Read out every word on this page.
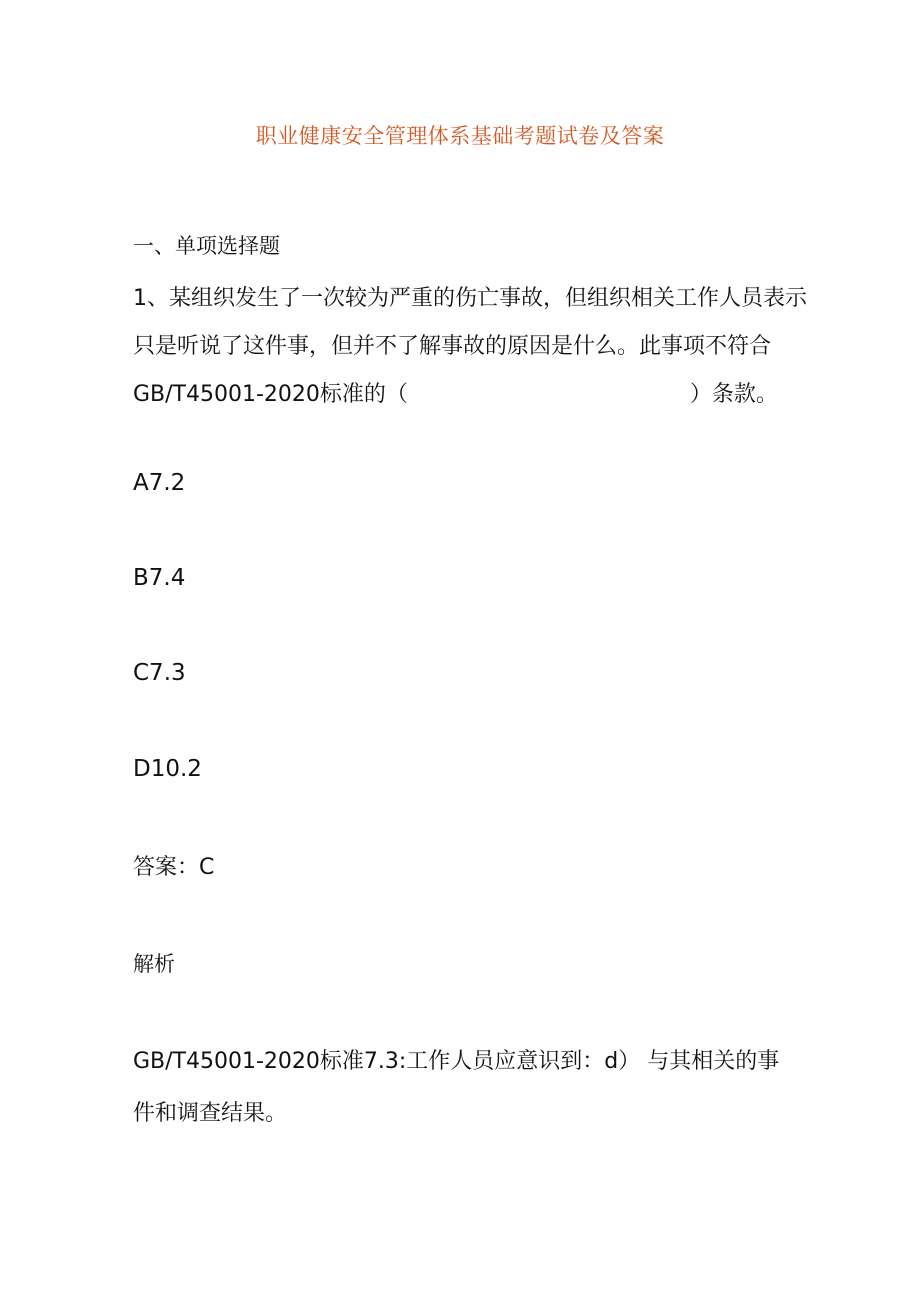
职业健康安全管理体系基础考题试卷及答案
一、单项选择题
1、某组织发生了一次较为严重的伤亡事故，但组织相关工作人员表示
只是听说了这件事，但并不了解事故的原因是什么。此事项不符合
GB/T45001-2020标准的（	）条款。
A7.2
B7.4
C7.3
D10.2
答案：C
解析
GB/T45001-2020标准7.3:工作人员应意识到：d） 与其相关的事
件和调查结果。
